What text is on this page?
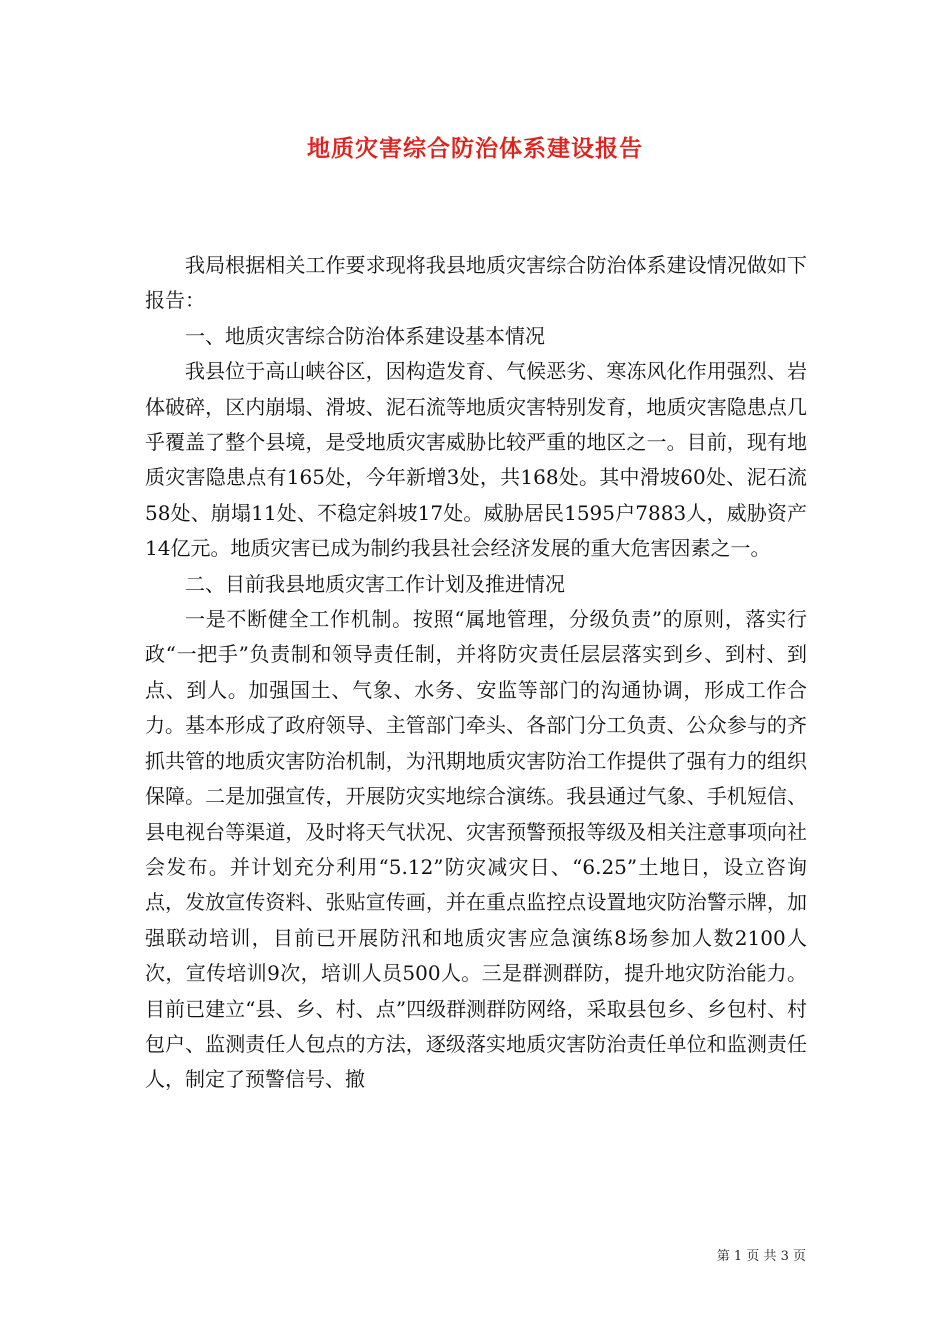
地质灾害综合防治体系建设报告

我局根据相关工作要求现将我县地质灾害综合防治体系建设情况做如下报告：

一、地质灾害综合防治体系建设基本情况

我县位于高山峡谷区，因构造发育、气候恶劣、寒冻风化作用强烈、岩体破碎，区内崩塌、滑坡、泥石流等地质灾害特别发育，地质灾害隐患点几乎覆盖了整个县境，是受地质灾害威胁比较严重的地区之一。目前，现有地质灾害隐患点有165处，今年新增3处，共168处。其中滑坡60处、泥石流58处、崩塌11处、不稳定斜坡17处。威胁居民1595户7883人，威胁资产14亿元。地质灾害已成为制约我县社会经济发展的重大危害因素之一。

二、目前我县地质灾害工作计划及推进情况

一是不断健全工作机制。按照“属地管理，分级负责”的原则，落实行政“一把手”负责制和领导责任制，并将防灾责任层层落实到乡、到村、到点、到人。加强国土、气象、水务、安监等部门的沟通协调，形成工作合力。基本形成了政府领导、主管部门牵头、各部门分工负责、公众参与的齐抓共管的地质灾害防治机制，为汛期地质灾害防治工作提供了强有力的组织保障。二是加强宣传，开展防灾实地综合演练。我县通过气象、手机短信、县电视台等渠道，及时将天气状况、灾害预警预报等级及相关注意事项向社会发布。并计划充分利用“5.12”防灾减灾日、“6.25”土地日，设立咨询点，发放宣传资料、张贴宣传画，并在重点监控点设置地灾防治警示牌，加强联动培训，目前已开展防汛和地质灾害应急演练8场参加人数2100人次，宣传培训9次，培训人员500人。三是群测群防，提升地灾防治能力。目前已建立“县、乡、村、点”四级群测群防网络，采取县包乡、乡包村、村包户、监测责任人包点的方法，逐级落实地质灾害防治责任单位和监测责任人，制定了预警信号、撤

第 1 页 共 3 页
